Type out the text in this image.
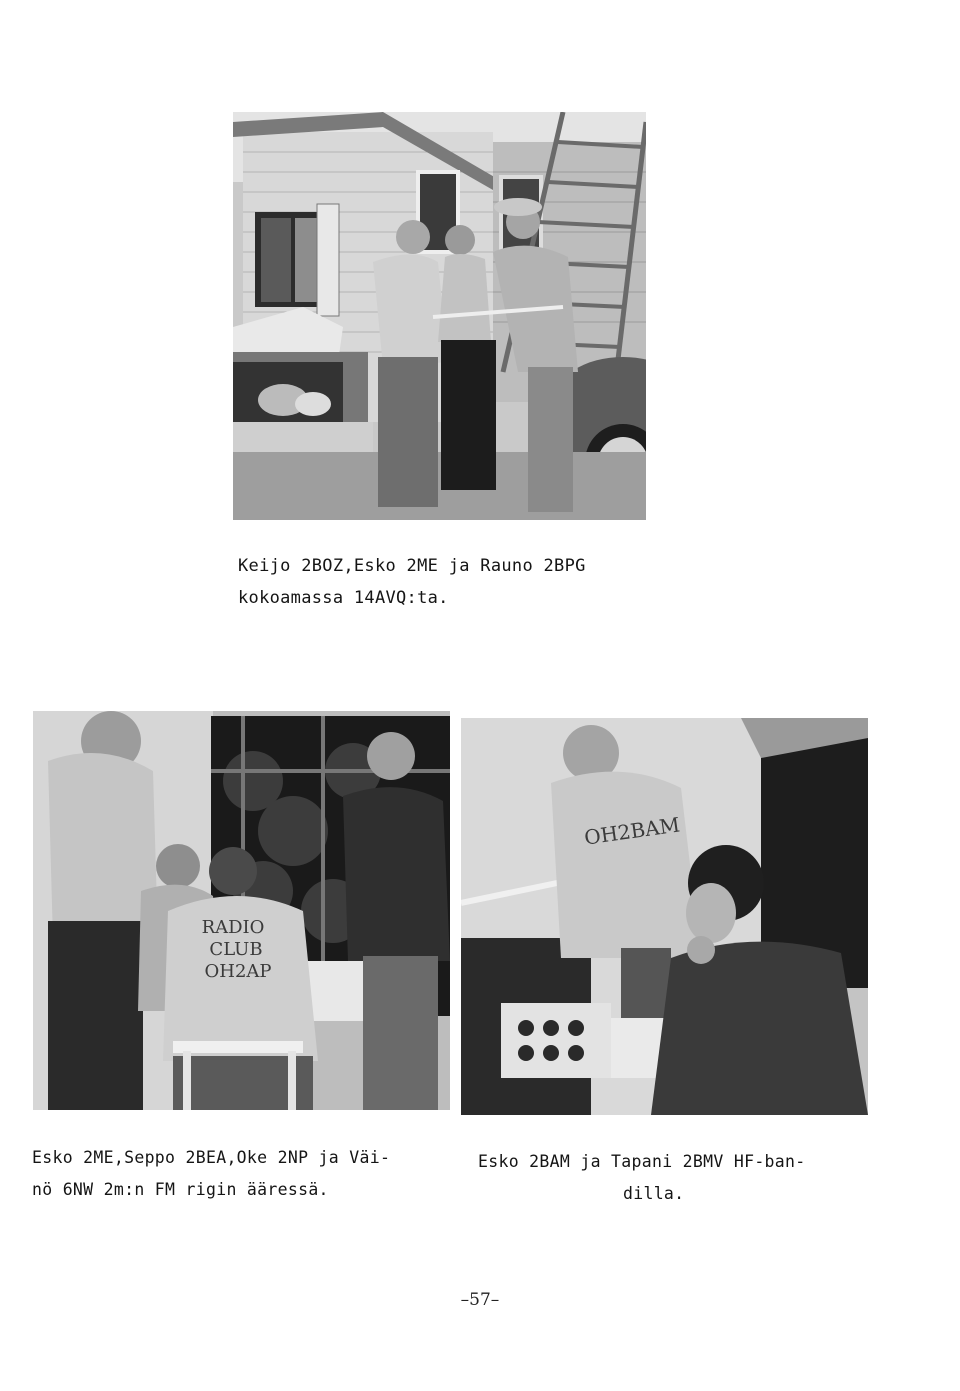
Keijo 2BOZ,Esko 2ME ja Rauno 2BPG
kokoamassa 14AVQ:ta.
RADIO
CLUB
OH2AP
OH2BAM
Esko 2ME,Seppo 2BEA,Oke 2NP ja Väi-
nö 6NW 2m:n FM rigin ääressä.
Esko 2BAM ja Tapani 2BMV HF-ban-
dilla.
–57–
